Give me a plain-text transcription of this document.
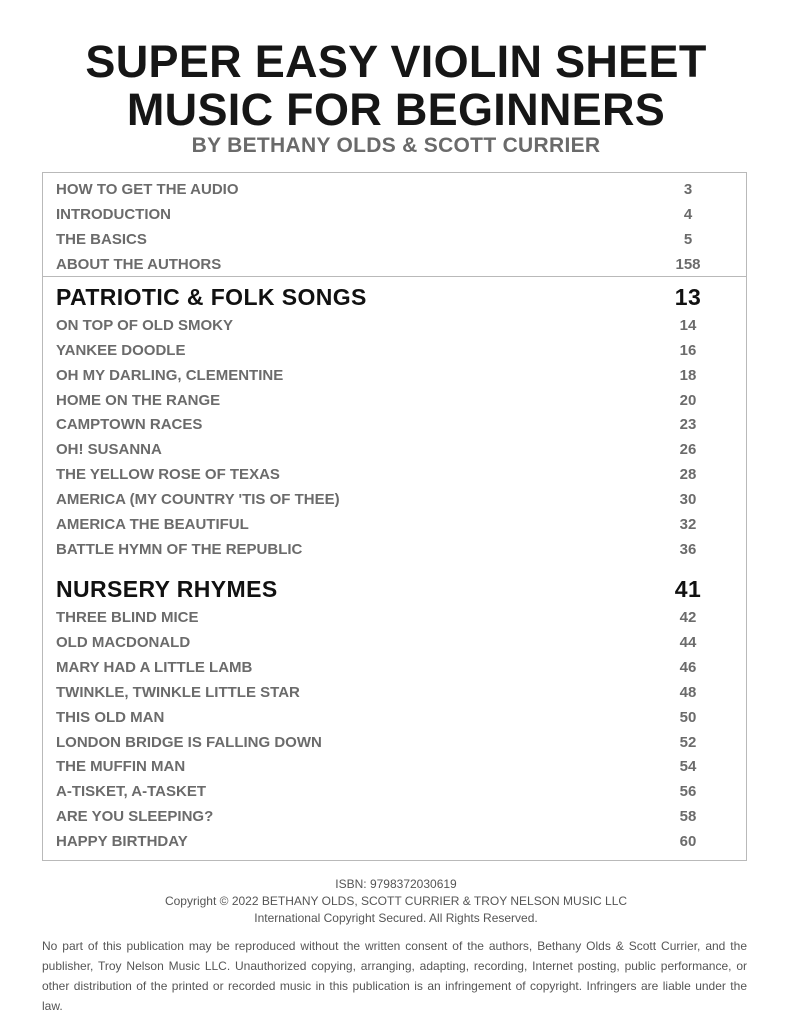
SUPER EASY VIOLIN SHEET
MUSIC FOR BEGINNERS
BY BETHANY OLDS & SCOTT CURRIER
HOW TO GET THE AUDIO	3
INTRODUCTION	4
THE BASICS	5
ABOUT THE AUTHORS	158
PATRIOTIC & FOLK SONGS	13
ON TOP OF OLD SMOKY	14
YANKEE DOODLE	16
OH MY DARLING, CLEMENTINE	18
HOME ON THE RANGE	20
CAMPTOWN RACES	23
OH! SUSANNA	26
THE YELLOW ROSE OF TEXAS	28
AMERICA (MY COUNTRY 'TIS OF THEE)	30
AMERICA THE BEAUTIFUL	32
BATTLE HYMN OF THE REPUBLIC	36
NURSERY RHYMES	41
THREE BLIND MICE	42
OLD MACDONALD	44
MARY HAD A LITTLE LAMB	46
TWINKLE, TWINKLE LITTLE STAR	48
THIS OLD MAN	50
LONDON BRIDGE IS FALLING DOWN	52
THE MUFFIN MAN	54
A-TISKET, A-TASKET	56
ARE YOU SLEEPING?	58
HAPPY BIRTHDAY	60
ISBN: 9798372030619
Copyright © 2022 BETHANY OLDS, SCOTT CURRIER & TROY NELSON MUSIC LLC
International Copyright Secured. All Rights Reserved.
No part of this publication may be reproduced without the written consent of the authors, Bethany Olds & Scott Currier, and the publisher, Troy Nelson Music LLC. Unauthorized copying, arranging, adapting, recording, Internet posting, public performance, or other distribution of the printed or recorded music in this publication is an infringement of copyright. Infringers are liable under the law.
